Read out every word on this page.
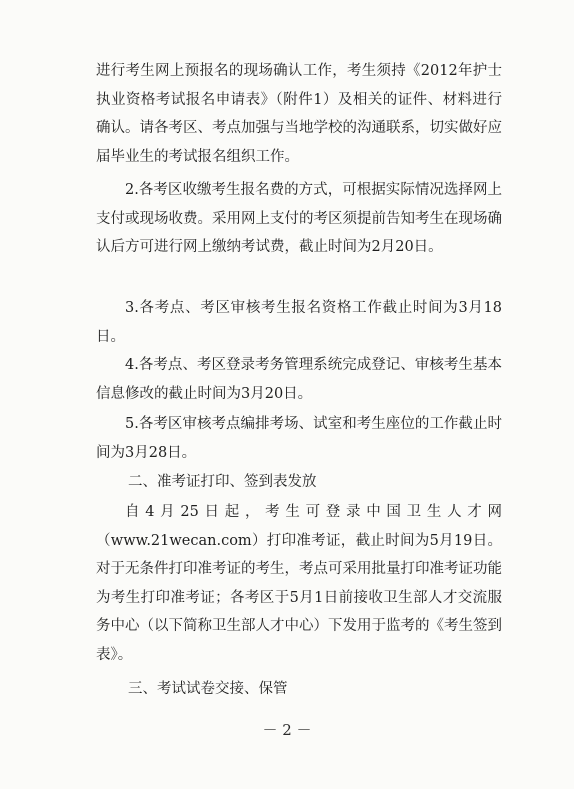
进行考生网上预报名的现场确认工作，考生须持《2012年护士执业资格考试报名申请表》（附件1）及相关的证件、材料进行确认。请各考区、考点加强与当地学校的沟通联系，切实做好应届毕业生的考试报名组织工作。

2.各考区收缴考生报名费的方式，可根据实际情况选择网上支付或现场收费。采用网上支付的考区须提前告知考生在现场确认后方可进行网上缴纳考试费，截止时间为2月20日。

3.各考点、考区审核考生报名资格工作截止时间为3月18日。

4.各考点、考区登录考务管理系统完成登记、审核考生基本信息修改的截止时间为3月20日。

5.各考区审核考点编排考场、试室和考生座位的工作截止时间为3月28日。

二、准考证打印、签到表发放

自4月25日起，考生可登录中国卫生人才网（www.21wecan.com）打印准考证，截止时间为5月19日。对于无条件打印准考证的考生，考点可采用批量打印准考证功能为考生打印准考证；各考区于5月1日前接收卫生部人才交流服务中心（以下简称卫生部人才中心）下发用于监考的《考生签到表》。

三、考试试卷交接、保管

－ 2 －
